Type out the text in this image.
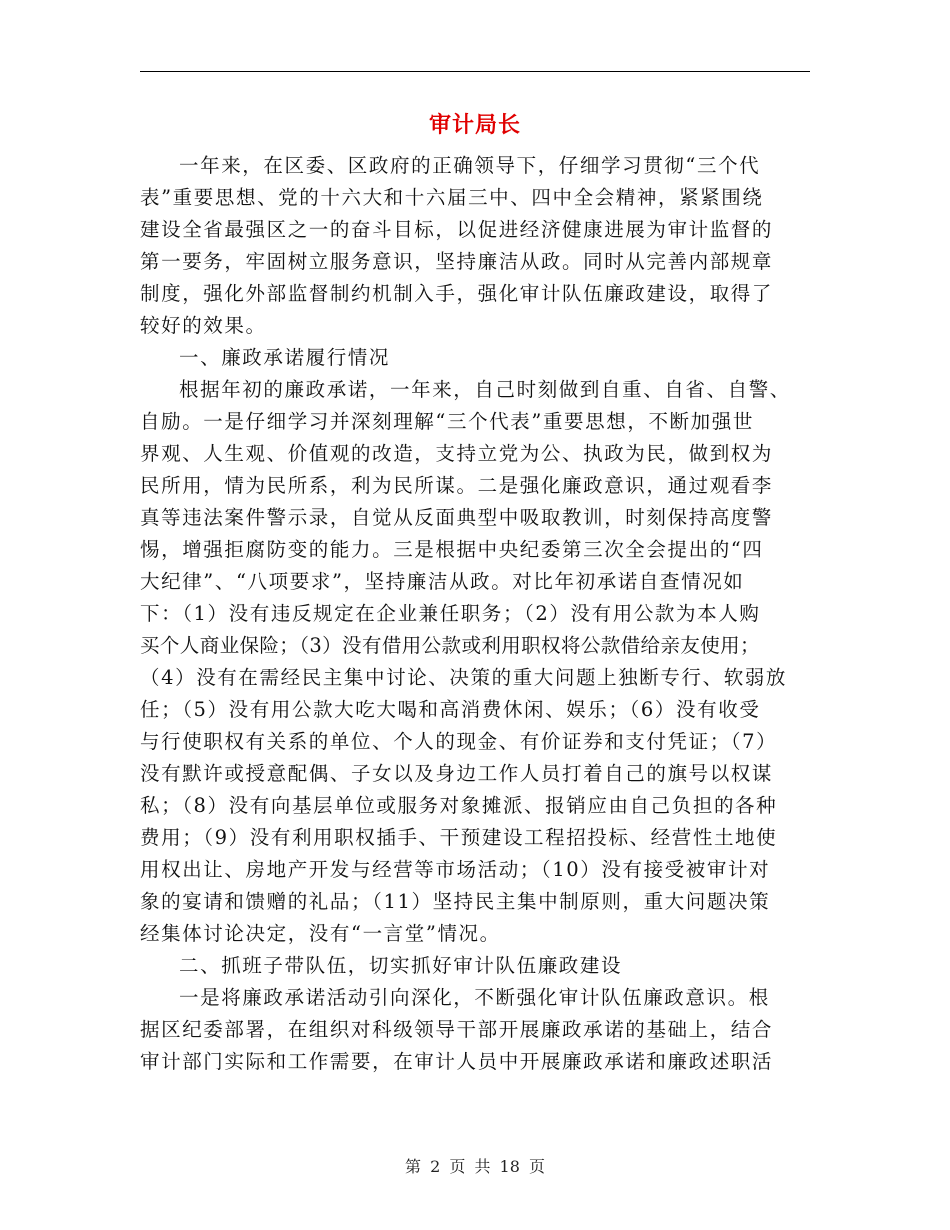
审计局长
一年来，在区委、区政府的正确领导下，仔细学习贯彻“三个代
表”重要思想、党的十六大和十六届三中、四中全会精神，紧紧围绕
建设全省最强区之一的奋斗目标，以促进经济健康进展为审计监督的
第一要务，牢固树立服务意识，坚持廉洁从政。同时从完善内部规章
制度，强化外部监督制约机制入手，强化审计队伍廉政建设，取得了
较好的效果。
一、廉政承诺履行情况
根据年初的廉政承诺，一年来，自己时刻做到自重、自省、自警、
自励。一是仔细学习并深刻理解“三个代表”重要思想，不断加强世
界观、人生观、价值观的改造，支持立党为公、执政为民，做到权为
民所用，情为民所系，利为民所谋。二是强化廉政意识，通过观看李
真等违法案件警示录，自觉从反面典型中吸取教训，时刻保持高度警
惕，增强拒腐防变的能力。三是根据中央纪委第三次全会提出的“四
大纪律”、“八项要求”，坚持廉洁从政。对比年初承诺自查情况如
下：（1）没有违反规定在企业兼任职务；（2）没有用公款为本人购
买个人商业保险；（3）没有借用公款或利用职权将公款借给亲友使用；
（4）没有在需经民主集中讨论、决策的重大问题上独断专行、软弱放
任；（5）没有用公款大吃大喝和高消费休闲、娱乐；（6）没有收受
与行使职权有关系的单位、个人的现金、有价证券和支付凭证；（7）
没有默许或授意配偶、子女以及身边工作人员打着自己的旗号以权谋
私；（8）没有向基层单位或服务对象摊派、报销应由自己负担的各种
费用；（9）没有利用职权插手、干预建设工程招投标、经营性土地使
用权出让、房地产开发与经营等市场活动；（10）没有接受被审计对
象的宴请和馈赠的礼品；（11）坚持民主集中制原则，重大问题决策
经集体讨论决定，没有“一言堂”情况。
二、抓班子带队伍，切实抓好审计队伍廉政建设
一是将廉政承诺活动引向深化，不断强化审计队伍廉政意识。根
据区纪委部署，在组织对科级领导干部开展廉政承诺的基础上，结合
审计部门实际和工作需要，在审计人员中开展廉政承诺和廉政述职活
第 2 页 共 18 页
